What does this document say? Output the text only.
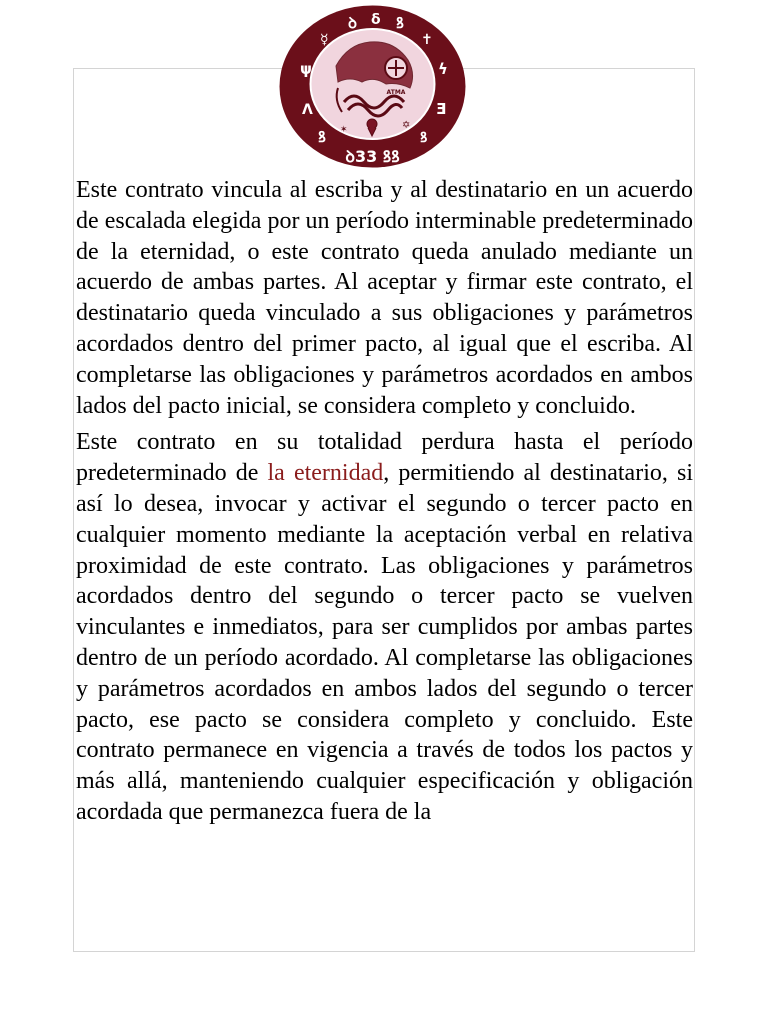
Este contrato vincula al escriba y al destinatario en un acuerdo de escalada elegida por un período interminable predeterminado de la eternidad, o este contrato queda anulado mediante un acuerdo de ambas partes. Al aceptar y firmar este contrato, el destinatario queda vinculado a sus obligaciones y parámetros acordados dentro del primer pacto, al igual que el escriba. Al completarse las obligaciones y parámetros acordados en ambos lados del pacto inicial, se considera completo y concluido.

Este contrato en su totalidad perdura hasta el período predeterminado de la eternidad, permitiendo al destinatario, si así lo desea, invocar y activar el segundo o tercer pacto en cualquier momento mediante la aceptación verbal en relativa proximidad de este contrato. Las obligaciones y parámetros acordados dentro del segundo o tercer pacto se vuelven vinculantes e inmediatos, para ser cumplidos por ambas partes dentro de un período acordado. Al completarse las obligaciones y parámetros acordados en ambos lados del segundo o tercer pacto, ese pacto se considera completo y concluido. Este contrato permanece en vigencia a través de todos los pactos y más allá, manteniendo cualquier especificación y obligación acordada que permanezca fuera de la

ꝺ δ ꝸ
✝
☿
ψ	ϟ
Λ	Ǝ
ꝸ	ꝸ
ꝺ33 ꝸꝸ
ATMA
✡
✶
